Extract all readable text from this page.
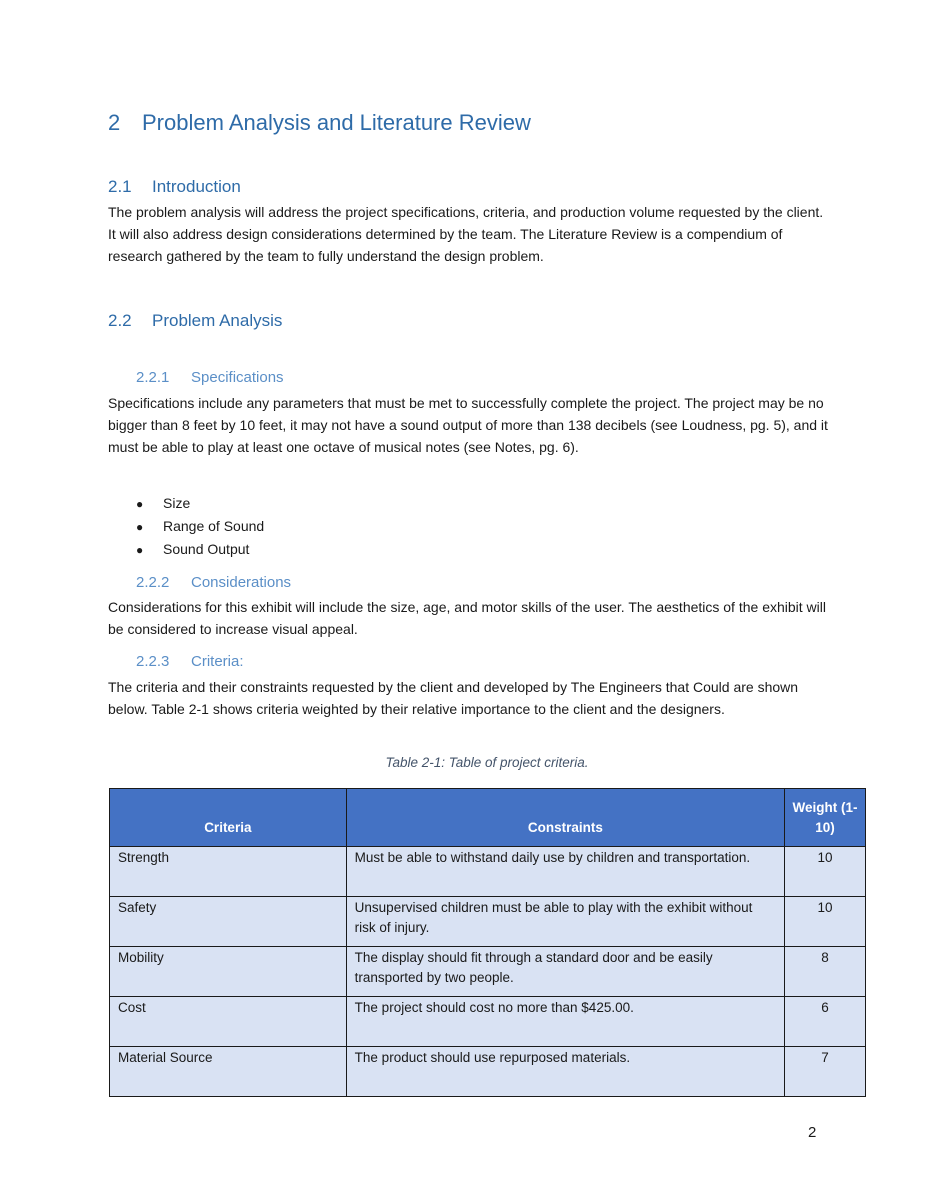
2 Problem Analysis and Literature Review
2.1 Introduction
The problem analysis will address the project specifications, criteria, and production volume requested by the client. It will also address design considerations determined by the team. The Literature Review is a compendium of research gathered by the team to fully understand the design problem.
2.2 Problem Analysis
2.2.1 Specifications
Specifications include any parameters that must be met to successfully complete the project. The project may be no bigger than 8 feet by 10 feet, it may not have a sound output of more than 138 decibels (see Loudness, pg. 5), and it must be able to play at least one octave of musical notes (see Notes, pg. 6).
● Size
● Range of Sound
● Sound Output
2.2.2 Considerations
Considerations for this exhibit will include the size, age, and motor skills of the user. The aesthetics of the exhibit will be considered to increase visual appeal.
2.2.3 Criteria:
The criteria and their constraints requested by the client and developed by The Engineers that Could are shown below. Table 2-1 shows criteria weighted by their relative importance to the client and the designers.
Table 2-1: Table of project criteria.
Criteria	Constraints	Weight (1-10)
Strength	Must be able to withstand daily use by children and transportation.	10
Safety	Unsupervised children must be able to play with the exhibit without risk of injury.	10
Mobility	The display should fit through a standard door and be easily transported by two people.	8
Cost	The project should cost no more than $425.00.	6
Material Source	The product should use repurposed materials.	7
2
